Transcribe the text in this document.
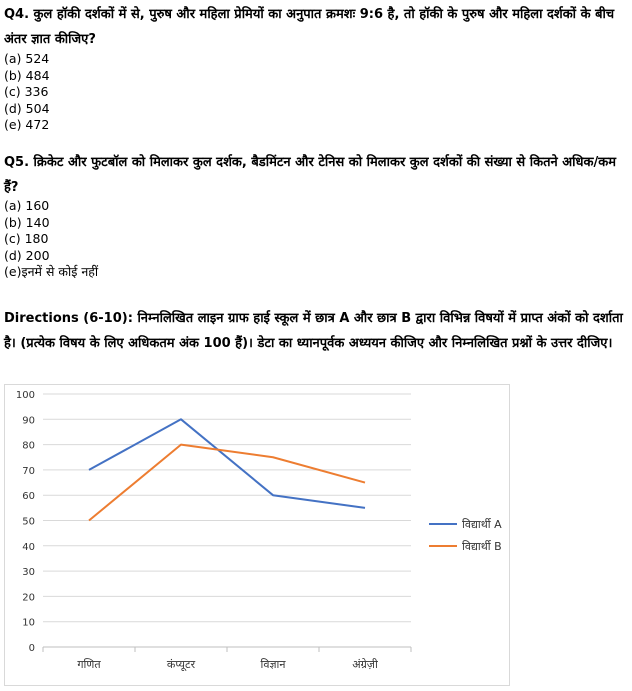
Q4. कुल हॉकी दर्शकों में से, पुरुष और महिला प्रेमियों का अनुपात क्रमशः 9:6 है, तो हॉकी के पुरुष और महिला दर्शकों के बीच अंतर ज्ञात कीजिए?
(a) 524
(b) 484
(c) 336
(d) 504
(e) 472
Q5. क्रिकेट और फुटबॉल को मिलाकर कुल दर्शक, बैडमिंटन और टेनिस को मिलाकर कुल दर्शकों की संख्या से कितने अधिक/कम हैं?
(a) 160
(b) 140
(c) 180
(d) 200
(e)इनमें से कोई नहीं
Directions (6-10): निम्नलिखित लाइन ग्राफ हाई स्कूल में छात्र A और छात्र B द्वारा विभिन्न विषयों में प्राप्त अंकों को दर्शाता है। (प्रत्येक विषय के लिए अधिकतम अंक 100 हैं)। डेटा का ध्यानपूर्वक अध्ययन कीजिए और निम्नलिखित प्रश्नों के उत्तर दीजिए।
0
10
20
30
40
50
60
70
80
90
100
गणित	कंप्यूटर	विज्ञान	अंग्रेज़ी
विद्यार्थी A
विद्यार्थी B
